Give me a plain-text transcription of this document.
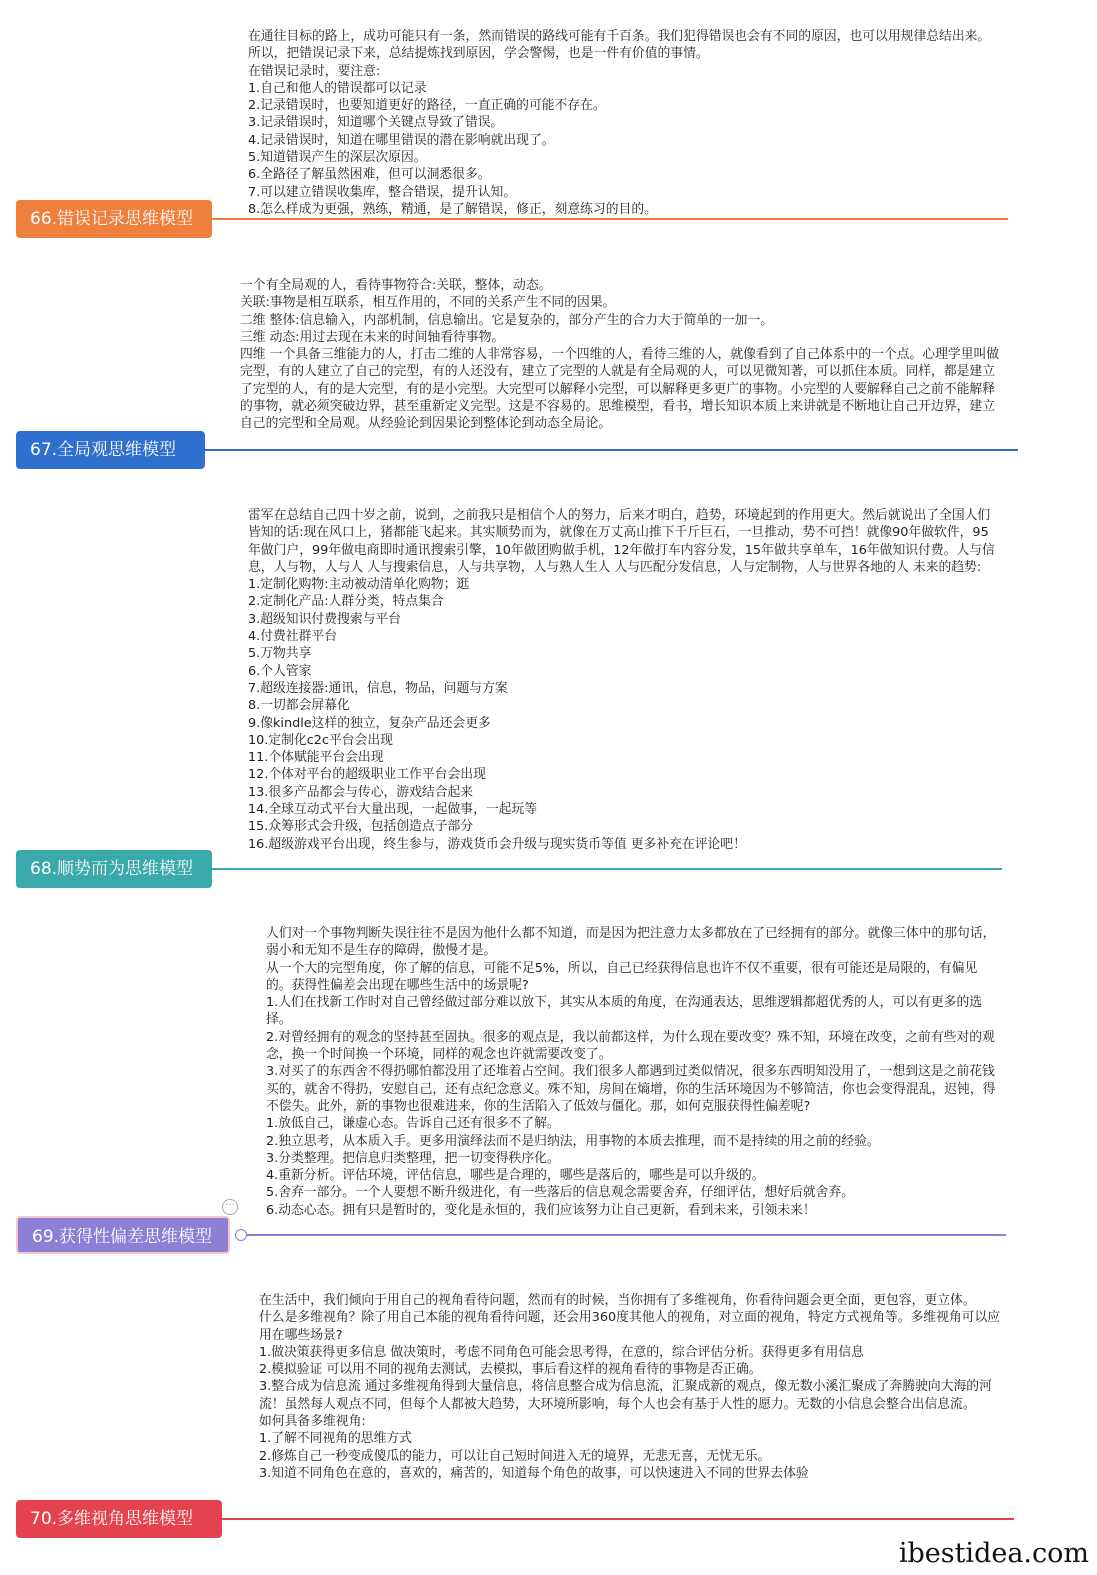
在通往目标的路上，成功可能只有一条，然而错误的路线可能有千百条。我们犯得错误也会有不同的原因，也可以用规律总结出来。所以，把错误记录下来，总结提炼找到原因，学会警惕，也是一件有价值的事情。
在错误记录时，要注意:
1.自己和他人的错误都可以记录
2.记录错误时，也要知道更好的路径，一直正确的可能不存在。
3.记录错误时，知道哪个关键点导致了错误。
4.记录错误时，知道在哪里错误的潜在影响就出现了。
5.知道错误产生的深层次原因。
6.全路径了解虽然困难，但可以洞悉很多。
7.可以建立错误收集库，整合错误，提升认知。
8.怎么样成为更强，熟练，精通，是了解错误，修正，刻意练习的目的。
66.错误记录思维模型
一个有全局观的人，看待事物符合:关联，整体，动态。
关联:事物是相互联系，相互作用的，不同的关系产生不同的因果。
二维 整体:信息输入，内部机制，信息输出。它是复杂的，部分产生的合力大于简单的一加一。
三维 动态:用过去现在未来的时间轴看待事物。
四维 一个具备三维能力的人，打击二维的人非常容易，一个四维的人，看待三维的人，就像看到了自己体系中的一个点。心理学里叫做完型，有的人建立了自己的完型，有的人还没有，建立了完型的人就是有全局观的人，可以见微知著，可以抓住本质。同样，都是建立了完型的人，有的是大完型，有的是小完型。大完型可以解释小完型，可以解释更多更广的事物。小完型的人要解释自己之前不能解释的事物，就必须突破边界，甚至重新定义完型。这是不容易的。思维模型，看书，增长知识本质上来讲就是不断地让自己开边界，建立自己的完型和全局观。从经验论到因果论到整体论到动态全局论。
67.全局观思维模型
雷军在总结自己四十岁之前，说到，之前我只是相信个人的努力，后来才明白，趋势，环境起到的作用更大。然后就说出了全国人们皆知的话:现在风口上，猪都能飞起来。其实顺势而为，就像在万丈高山推下千斤巨石，一旦推动，势不可挡！就像90年做软件，95年做门户，99年做电商即时通讯搜索引擎，10年做团购做手机，12年做打车内容分发，15年做共享单车，16年做知识付费。人与信息，人与物，人与人 人与搜索信息，人与共享物，人与熟人生人 人与匹配分发信息，人与定制物，人与世界各地的人 未来的趋势:
1.定制化购物:主动被动清单化购物；逛
2.定制化产品:人群分类，特点集合
3.超级知识付费搜索与平台
4.付费社群平台
5.万物共享
6.个人管家
7.超级连接器:通讯，信息，物品，问题与方案
8.一切都会屏幕化
9.像kindle这样的独立，复杂产品还会更多
10.定制化c2c平台会出现
11.个体赋能平台会出现
12.个体对平台的超级职业工作平台会出现
13.很多产品都会与传心，游戏结合起来
14.全球互动式平台大量出现，一起做事，一起玩等
15.众筹形式会升级，包括创造点子部分
16.超级游戏平台出现，终生参与，游戏货币会升级与现实货币等值 更多补充在评论吧！
68.顺势而为思维模型
人们对一个事物判断失误往往不是因为他什么都不知道，而是因为把注意力太多都放在了已经拥有的部分。就像三体中的那句话，弱小和无知不是生存的障碍，傲慢才是。
从一个大的完型角度，你了解的信息，可能不足5%，所以，自己已经获得信息也许不仅不重要，很有可能还是局限的，有偏见的。获得性偏差会出现在哪些生活中的场景呢?
1.人们在找新工作时对自己曾经做过部分难以放下，其实从本质的角度，在沟通表达，思维逻辑都超优秀的人，可以有更多的选择。
2.对曾经拥有的观念的坚持甚至固执。很多的观点是，我以前都这样，为什么现在要改变？殊不知，环境在改变，之前有些对的观念，换一个时间换一个环境，同样的观念也许就需要改变了。
3.对买了的东西舍不得扔哪怕都没用了还堆着占空间。我们很多人都遇到过类似情况，很多东西明知没用了，一想到这是之前花钱买的，就舍不得扔，安慰自己，还有点纪念意义。殊不知，房间在熵增，你的生活环境因为不够简洁，你也会变得混乱，迟钝，得不偿失。此外，新的事物也很难进来，你的生活陷入了低效与僵化。那，如何克服获得性偏差呢?
1.放低自己，谦虚心态。告诉自己还有很多不了解。
2.独立思考，从本质入手。更多用演绎法而不是归纳法，用事物的本质去推理，而不是持续的用之前的经验。
3.分类整理。把信息归类整理，把一切变得秩序化。
4.重新分析。评估环境，评估信息，哪些是合理的，哪些是落后的，哪些是可以升级的。
5.舍弃一部分。一个人要想不断升级进化，有一些落后的信息观念需要舍弃，仔细评估，想好后就舍弃。
6.动态心态。拥有只是暂时的，变化是永恒的，我们应该努力让自己更新，看到未来，引领未来！
69.获得性偏差思维模型
···
在生活中，我们倾向于用自己的视角看待问题，然而有的时候，当你拥有了多维视角，你看待问题会更全面，更包容，更立体。
什么是多维视角？除了用自己本能的视角看待问题，还会用360度其他人的视角，对立面的视角，特定方式视角等。多维视角可以应用在哪些场景?
1.做决策获得更多信息 做决策时，考虑不同角色可能会思考得，在意的，综合评估分析。获得更多有用信息
2.模拟验证 可以用不同的视角去测试，去模拟，事后看这样的视角看待的事物是否正确。
3.整合成为信息流 通过多维视角得到大量信息，将信息整合成为信息流，汇聚成新的观点，像无数小溪汇聚成了奔腾驶向大海的河流！虽然每人观点不同，但每个人都被大趋势，大环境所影响，每个人也会有基于人性的愿力。无数的小信息会整合出信息流。
如何具备多维视角:
1.了解不同视角的思维方式
2.修炼自己一秒变成傻瓜的能力，可以让自己短时间进入无的境界，无悲无喜，无忧无乐。
3.知道不同角色在意的，喜欢的，痛苦的，知道每个角色的故事，可以快速进入不同的世界去体验
70.多维视角思维模型
ibestidea.com
